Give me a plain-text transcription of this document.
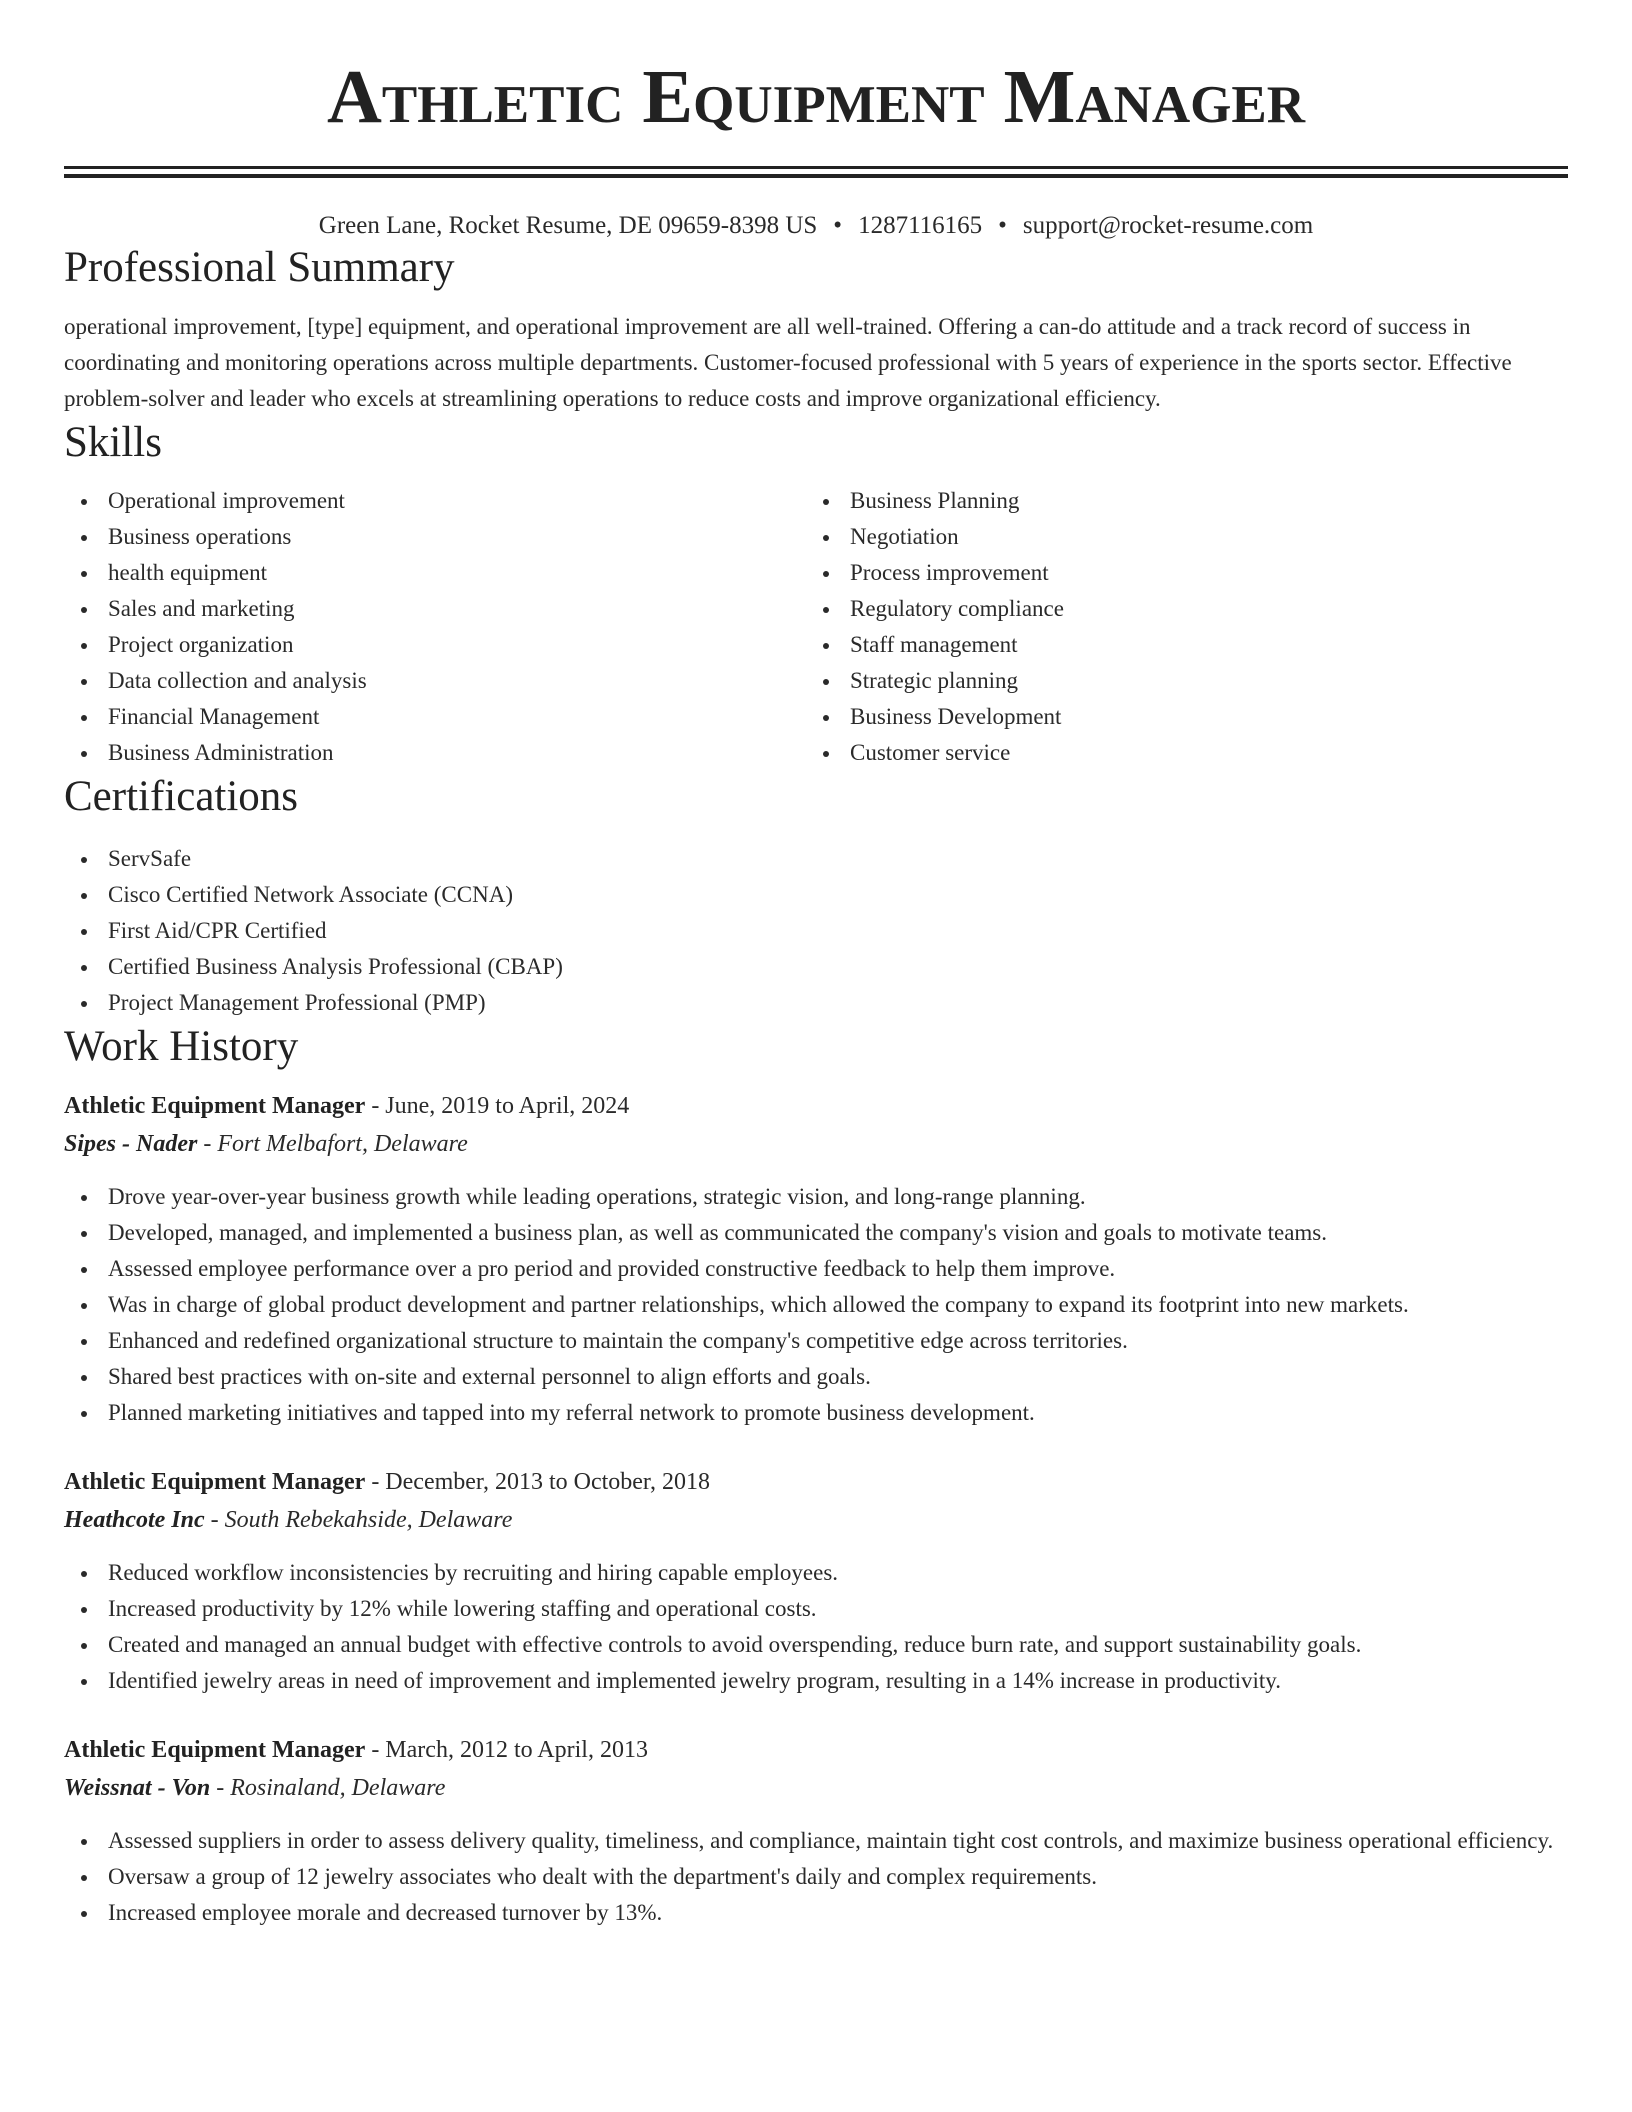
Athletic Equipment Manager
Green Lane, Rocket Resume, DE 09659-8398 US • 1287116165 • support@rocket-resume.com
Professional Summary
operational improvement, [type] equipment, and operational improvement are all well-trained. Offering a can-do attitude and a track record of success in coordinating and monitoring operations across multiple departments. Customer-focused professional with 5 years of experience in the sports sector. Effective problem-solver and leader who excels at streamlining operations to reduce costs and improve organizational efficiency.
Skills
Operational improvement
Business operations
health equipment
Sales and marketing
Project organization
Data collection and analysis
Financial Management
Business Administration
Business Planning
Negotiation
Process improvement
Regulatory compliance
Staff management
Strategic planning
Business Development
Customer service
Certifications
ServSafe
Cisco Certified Network Associate (CCNA)
First Aid/CPR Certified
Certified Business Analysis Professional (CBAP)
Project Management Professional (PMP)
Work History
Athletic Equipment Manager - June, 2019 to April, 2024
Sipes - Nader - Fort Melbafort, Delaware
Drove year-over-year business growth while leading operations, strategic vision, and long-range planning.
Developed, managed, and implemented a business plan, as well as communicated the company's vision and goals to motivate teams.
Assessed employee performance over a pro period and provided constructive feedback to help them improve.
Was in charge of global product development and partner relationships, which allowed the company to expand its footprint into new markets.
Enhanced and redefined organizational structure to maintain the company's competitive edge across territories.
Shared best practices with on-site and external personnel to align efforts and goals.
Planned marketing initiatives and tapped into my referral network to promote business development.
Athletic Equipment Manager - December, 2013 to October, 2018
Heathcote Inc - South Rebekahside, Delaware
Reduced workflow inconsistencies by recruiting and hiring capable employees.
Increased productivity by 12% while lowering staffing and operational costs.
Created and managed an annual budget with effective controls to avoid overspending, reduce burn rate, and support sustainability goals.
Identified jewelry areas in need of improvement and implemented jewelry program, resulting in a 14% increase in productivity.
Athletic Equipment Manager - March, 2012 to April, 2013
Weissnat - Von - Rosinaland, Delaware
Assessed suppliers in order to assess delivery quality, timeliness, and compliance, maintain tight cost controls, and maximize business operational efficiency.
Oversaw a group of 12 jewelry associates who dealt with the department's daily and complex requirements.
Increased employee morale and decreased turnover by 13%.
